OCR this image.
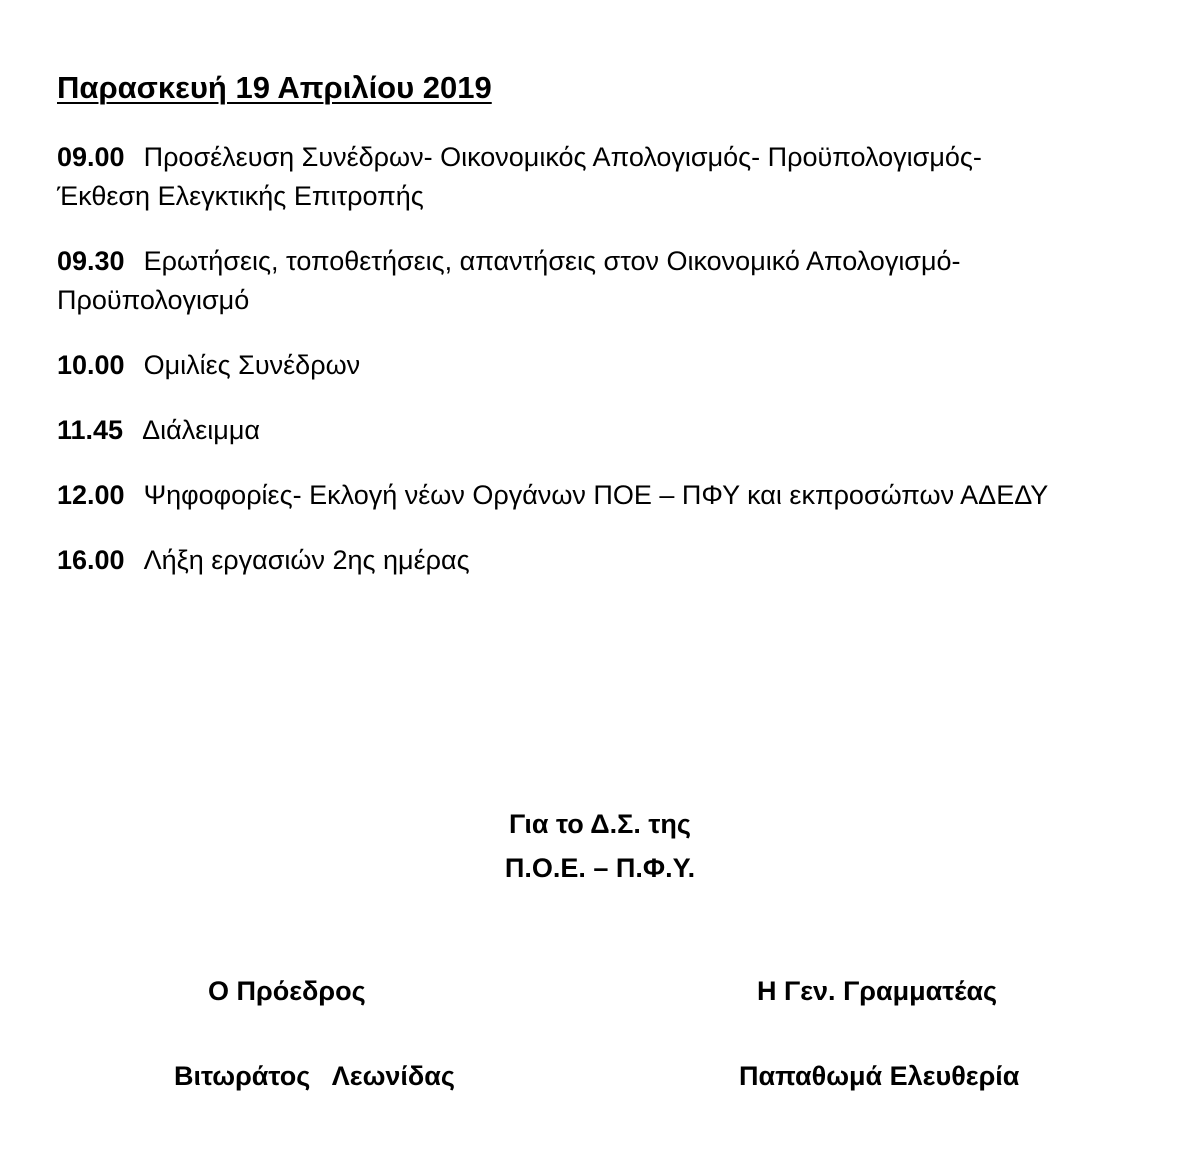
Παρασκευή 19 Απριλίου 2019
09.00 Προσέλευση Συνέδρων- Οικονομικός Απολογισμός- Προϋπολογισμός-
Έκθεση Ελεγκτικής Επιτροπής
09.30 Ερωτήσεις, τοποθετήσεις, απαντήσεις στον Οικονομικό Απολογισμό-
Προϋπολογισμό
10.00 Ομιλίες Συνέδρων
11.45 Διάλειμμα
12.00 Ψηφοφορίες- Εκλογή νέων Οργάνων ΠΟΕ – ΠΦΥ και εκπροσώπων ΑΔΕΔΥ
16.00 Λήξη εργασιών 2ης ημέρας
Για το Δ.Σ. της
Π.Ο.Ε. – Π.Φ.Υ.
Ο Πρόεδρος
Βιτωράτος   Λεωνίδας
Η Γεν. Γραμματέας
Παπαθωμά Ελευθερία
